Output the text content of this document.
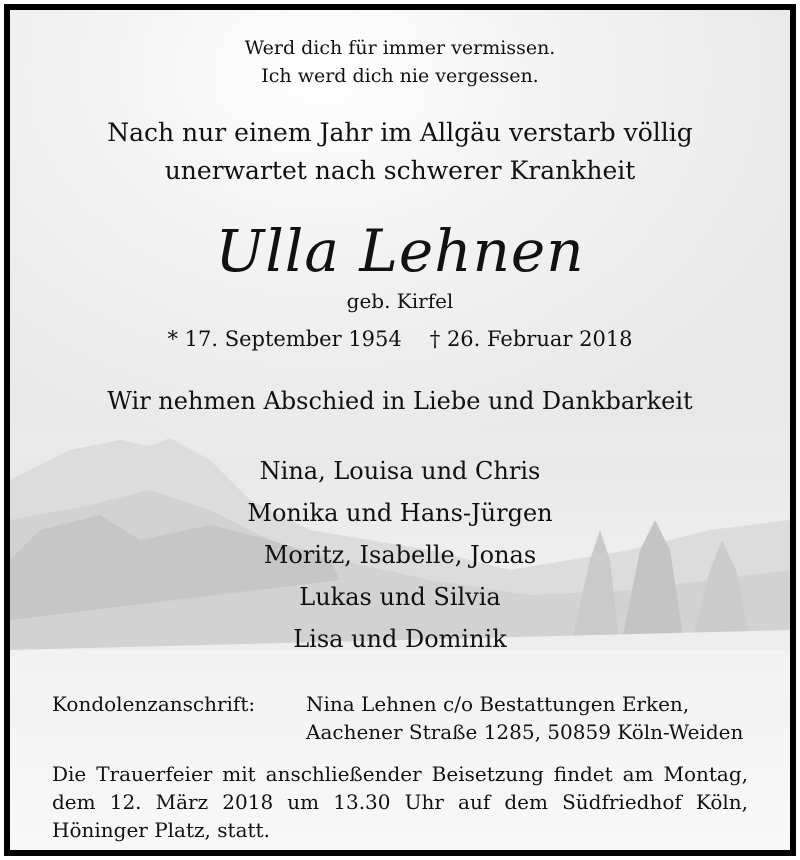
Werd dich für immer vermissen.
Ich werd dich nie vergessen.
Nach nur einem Jahr im Allgäu verstarb völlig
unerwartet nach schwerer Krankheit
Ulla Lehnen
geb. Kirfel
* 17. September 1954 † 26. Februar 2018
Wir nehmen Abschied in Liebe und Dankbarkeit
Nina, Louisa und Chris
Monika und Hans-Jürgen
Moritz, Isabelle, Jonas
Lukas und Silvia
Lisa und Dominik
Kondolenzanschrift:	Nina Lehnen c/o Bestattungen Erken,
Aachener Straße 1285, 50859 Köln-Weiden
Die Trauerfeier mit anschließender Beisetzung findet am Montag,
dem 12. März 2018 um 13.30 Uhr auf dem Südfriedhof Köln,
Höninger Platz, statt.
